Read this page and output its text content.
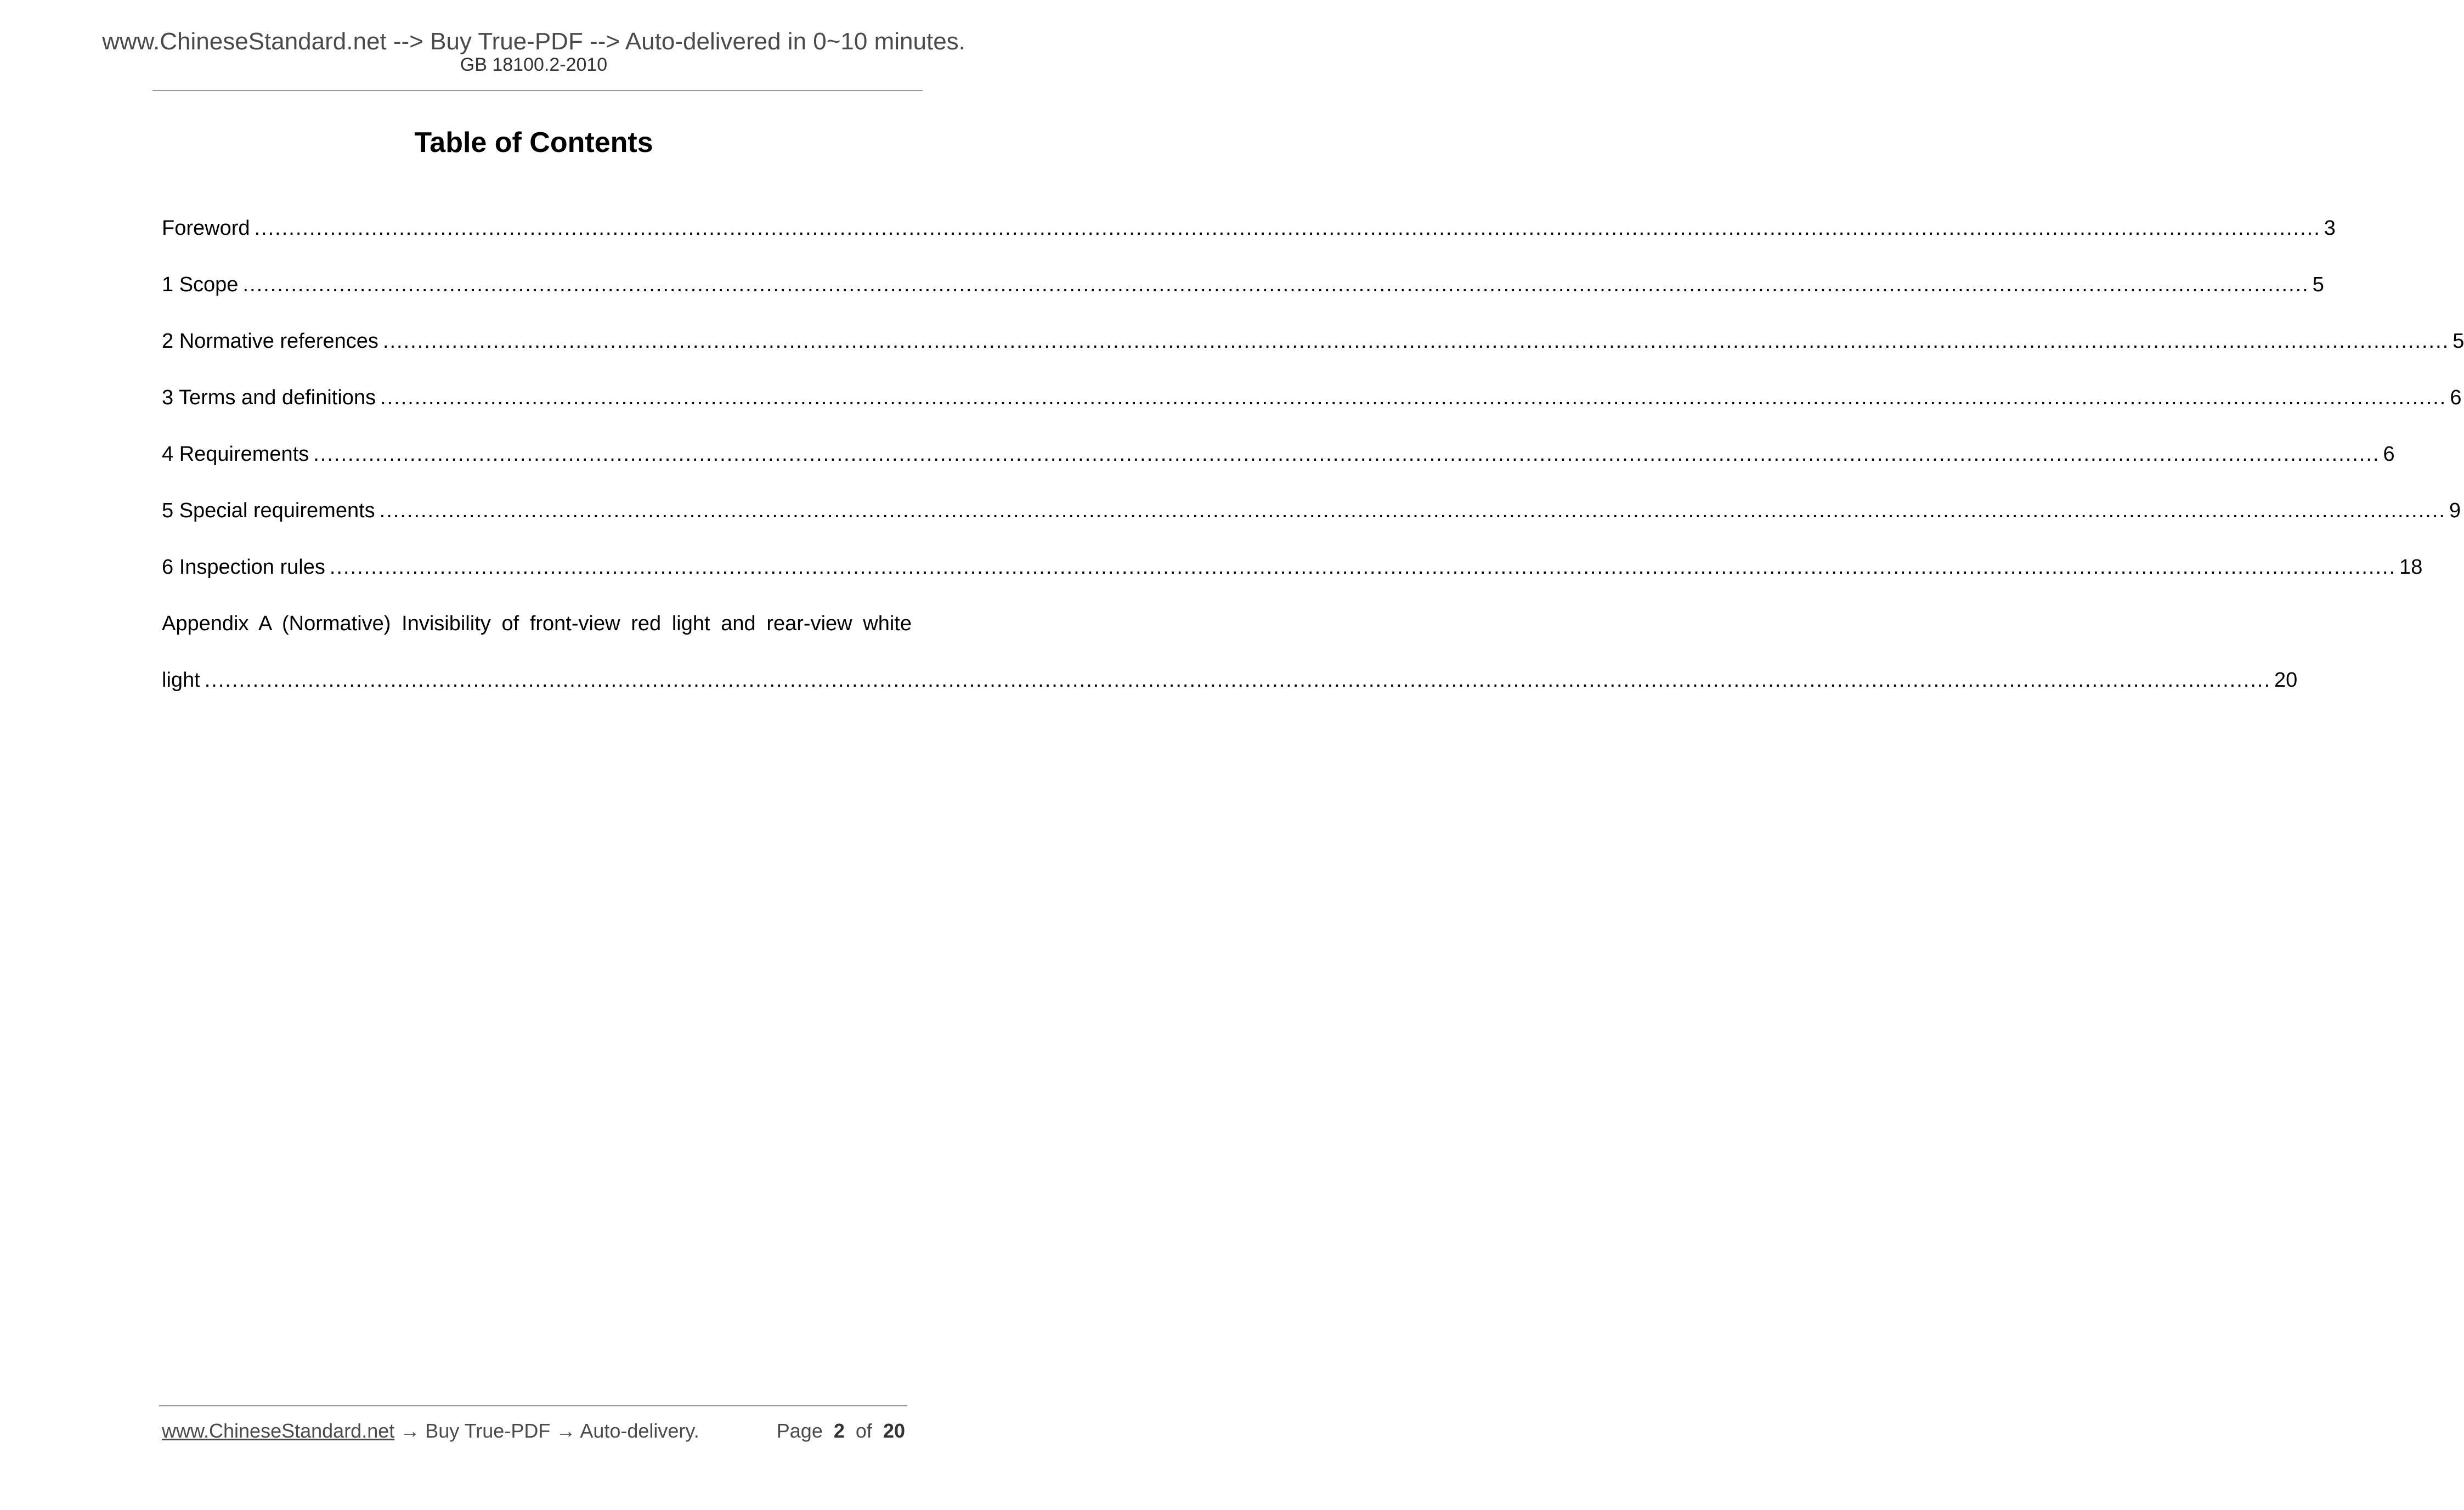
www.ChineseStandard.net --> Buy True-PDF --> Auto-delivered in 0~10 minutes.
GB 18100.2-2010
Table of Contents
Foreword ............................................................................................................................................................................................................................................................................................................ 3
1 Scope ............................................................................................................................................................................................................................................................................................................ 5
2 Normative references ............................................................................................................................................................................................................................................................................................................ 5
3 Terms and definitions ............................................................................................................................................................................................................................................................................................................ 6
4 Requirements ............................................................................................................................................................................................................................................................................................................ 6
5 Special requirements ............................................................................................................................................................................................................................................................................................................ 9
6 Inspection rules ............................................................................................................................................................................................................................................................................................................ 18
Appendix A (Normative) Invisibility of front-view red light and rear-view white
light ............................................................................................................................................................................................................................................................................................................ 20
www.ChineseStandard.net → Buy True-PDF → Auto-delivery.	Page 2 of 20
